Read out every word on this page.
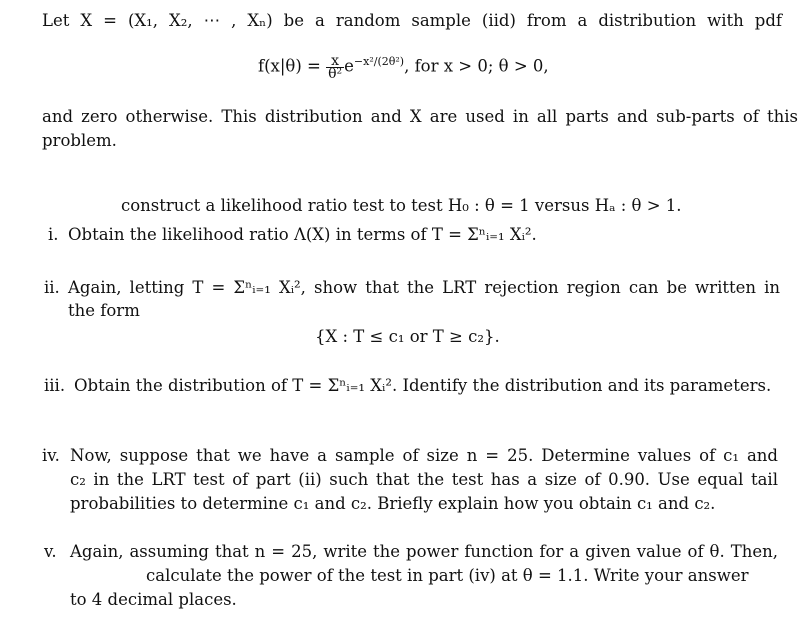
Let X = (X₁, X₂, ⋯ , Xₙ) be a random sample (iid) from a distribution with pdf
$f(x|\theta) = \frac{x}{\text{θ²}} e^{-x^2/(2\theta^2)}$, for x > 0; θ > 0,
and zero otherwise. This distribution and X are used in all parts and sub-parts of this
problem.
construct a likelihood ratio test to test H₀ : θ = 1 versus Hₐ : θ > 1.
i. Obtain the likelihood ratio Λ(X) in terms of T = Σⁿᵢ₌₁ Xᵢ².
ii. Again, letting T = Σⁿᵢ₌₁ Xᵢ², show that the LRT rejection region can be written in
the form
{X : T ≤ c₁ or T ≥ c₂}.
iii. Obtain the distribution of T = Σⁿᵢ₌₁ Xᵢ². Identify the distribution and its parameters.
iv. Now, suppose that we have a sample of size n = 25. Determine values of c₁ and
c₂ in the LRT test of part (ii) such that the test has a size of 0.90. Use equal tail
probabilities to determine c₁ and c₂. Briefly explain how you obtain c₁ and c₂.
v. Again, assuming that n = 25, write the power function for a given value of θ. Then,
calculate the power of the test in part (iv) at θ = 1.1. Write your answer
to 4 decimal places.
